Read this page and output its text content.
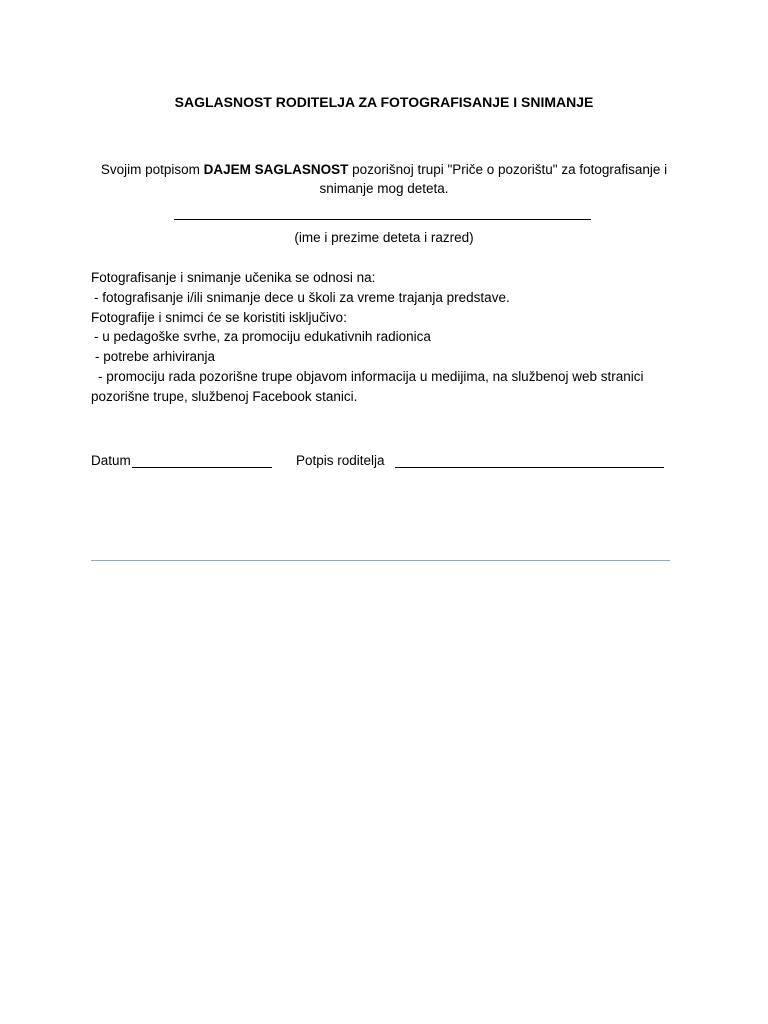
SAGLASNOST RODITELJA ZA FOTOGRAFISANJE I SNIMANJE
Svojim potpisom DAJEM SAGLASNOST pozorišnoj trupi "Priče o pozorištu" za fotografisanje i
snimanje mog deteta.
(ime i prezime deteta i razred)
Fotografisanje i snimanje učenika se odnosi na:
- fotografisanje i/ili snimanje dece u školi za vreme trajanja predstave.
Fotografije i snimci će se koristiti isključivo:
- u pedagoške svrhe, za promociju edukativnih radionica
- potrebe arhiviranja
- promociju rada pozorišne trupe objavom informacija u medijima, na službenoj web stranici
pozorišne trupe, službenoj Facebook stanici.
Datum	Potpis roditelja
